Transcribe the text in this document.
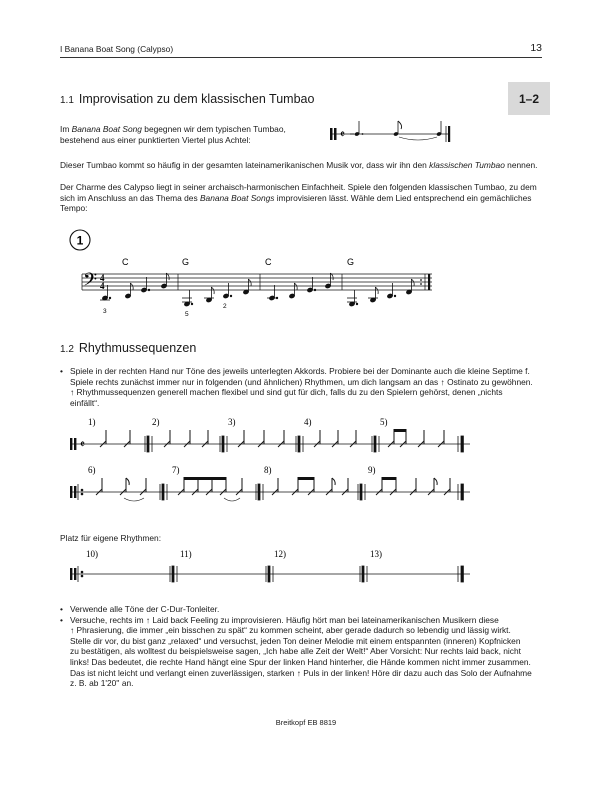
I Banana Boat Song (Calypso)	13
1.1 Improvisation zu dem klassischen Tumbao	1–2
Im Banana Boat Song begegnen wir dem typischen Tumbao,
bestehend aus einer punktierten Viertel plus Achtel:	𝄵
Dieser Tumbao kommt so häufig in der gesamten lateinamerikanischen Musik vor, dass wir ihn den klassischen Tumbao nennen.
Der Charme des Calypso liegt in seiner archaisch-harmonischen Einfachheit. Spiele den folgenden klassischen Tumbao, zu dem
sich im Anschluss an das Thema des Banana Boat Songs improvisieren lässt. Wähle dem Lied entsprechend ein gemächliches
Tempo:
1
𝄢 4
4
C	G	C	G
3	5
2
1.2 Rhythmussequenzen
• Spiele in der rechten Hand nur Töne des jeweils unterlegten Akkords. Probiere bei der Dominante auch die kleine Septime f.
Spiele rechts zunächst immer nur in folgenden (und ähnlichen) Rhythmen, um dich langsam an das ↑ Ostinato zu gewöhnen.
↑ Rhythmussequenzen generell machen flexibel und sind gut für dich, falls du zu den Spielern gehörst, denen „nichts
einfällt“.
𝄵
1)	2)	3)	4)	5)
6)	7)	8)	9)
Platz für eigene Rhythmen:
10)	11)	12)	13)
• Verwende alle Töne der C-Dur-Tonleiter.
• Versuche, rechts im ↑ Laid back Feeling zu improvisieren. Häufig hört man bei lateinamerikanischen Musikern diese
↑ Phrasierung, die immer „ein bisschen zu spät“ zu kommen scheint, aber gerade dadurch so lebendig und lässig wirkt.
Stelle dir vor, du bist ganz „relaxed“ und versuchst, jeden Ton deiner Melodie mit einem entspannten (inneren) Kopfnicken
zu bestätigen, als wolltest du beispielsweise sagen, „Ich habe alle Zeit der Welt!“ Aber Vorsicht: Nur rechts laid back, nicht
links! Das bedeutet, die rechte Hand hängt eine Spur der linken Hand hinterher, die Hände kommen nicht immer zusammen.
Das ist nicht leicht und verlangt einen zuverlässigen, starken ↑ Puls in der linken! Höre dir dazu auch das Solo der Aufnahme
z. B. ab 1'20'' an.
Breitkopf EB 8819
